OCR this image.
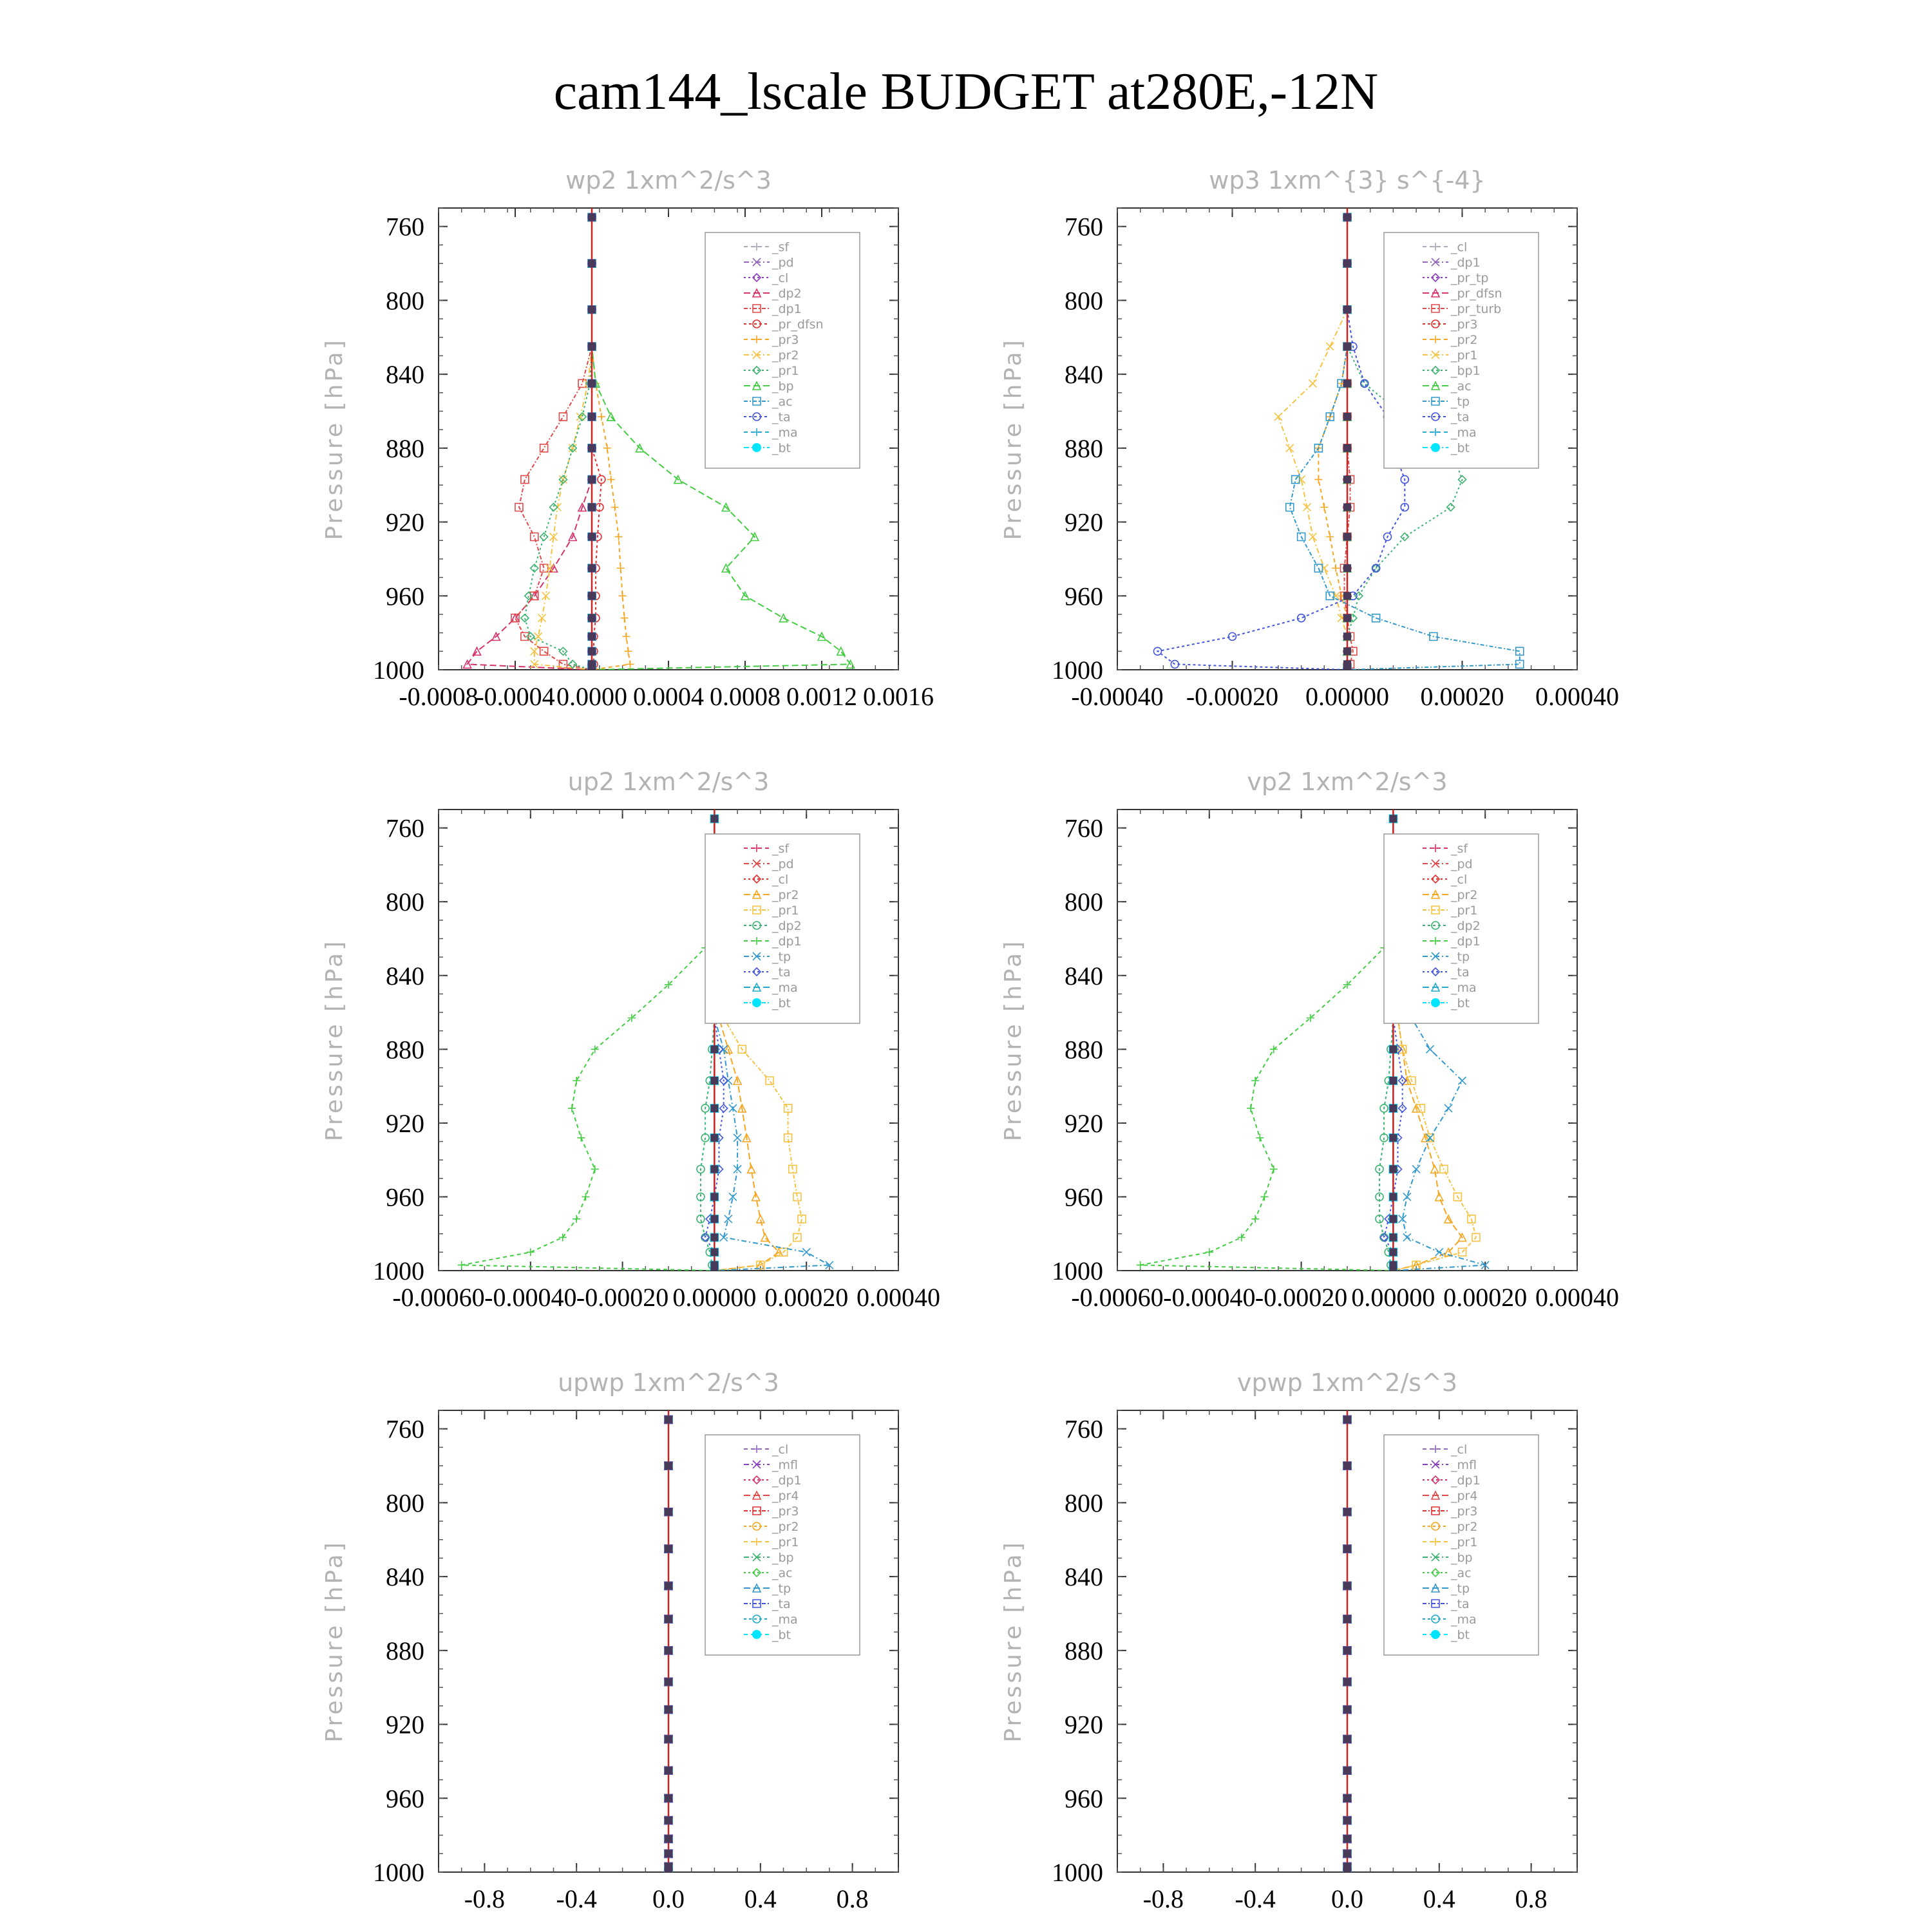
cam144_lscale BUDGET at280E,-12N
wp2 1xm^2/s^3
Pressure [hPa]
760
800
840
880
920
960
1000
-0.0008
-0.0004 0.0000 0.0004 0.0008 0.0012 0.0016
_sf
_pd
_cl
_dp2
_dp1
_pr_dfsn
_pr3
_pr2
_pr1
_bp
_ac
_ta
_ma
_bt
wp3 1xm^{3} s^{-4}
Pressure [hPa]
760
800
840
880
920
960
1000
-0.00040 -0.00020 0.00000 0.00020 0.00040
_cl
_dp1
_pr_tp
_pr_dfsn
_pr_turb
_pr3
_pr2
_pr1
_bp1
_ac
_tp
_ta
_ma
_bt
up2 1xm^2/s^3
Pressure [hPa]
760
800
840
880
920
960
1000
-0.00060 -0.00040 -0.00020 0.00000 0.00020 0.00040
_sf
_pd
_cl
_pr2
_pr1
_dp2
_dp1
_tp
_ta
_ma
_bt
vp2 1xm^2/s^3
Pressure [hPa]
760
800
840
880
920
960
1000
-0.00060 -0.00040 -0.00020 0.00000 0.00020 0.00040
_sf
_pd
_cl
_pr2
_pr1
_dp2
_dp1
_tp
_ta
_ma
_bt
upwp 1xm^2/s^3
Pressure [hPa]
760
800
840
880
920
960
1000
-0.8 -0.4 0.0 0.4 0.8
_cl
_mfl
_dp1
_pr4
_pr3
_pr2
_pr1
_bp
_ac
_tp
_ta
_ma
_bt
vpwp 1xm^2/s^3
Pressure [hPa]
760
800
840
880
920
960
1000
-0.8 -0.4 0.0 0.4 0.8
_cl
_mfl
_dp1
_pr4
_pr3
_pr2
_pr1
_bp
_ac
_tp
_ta
_ma
_bt
